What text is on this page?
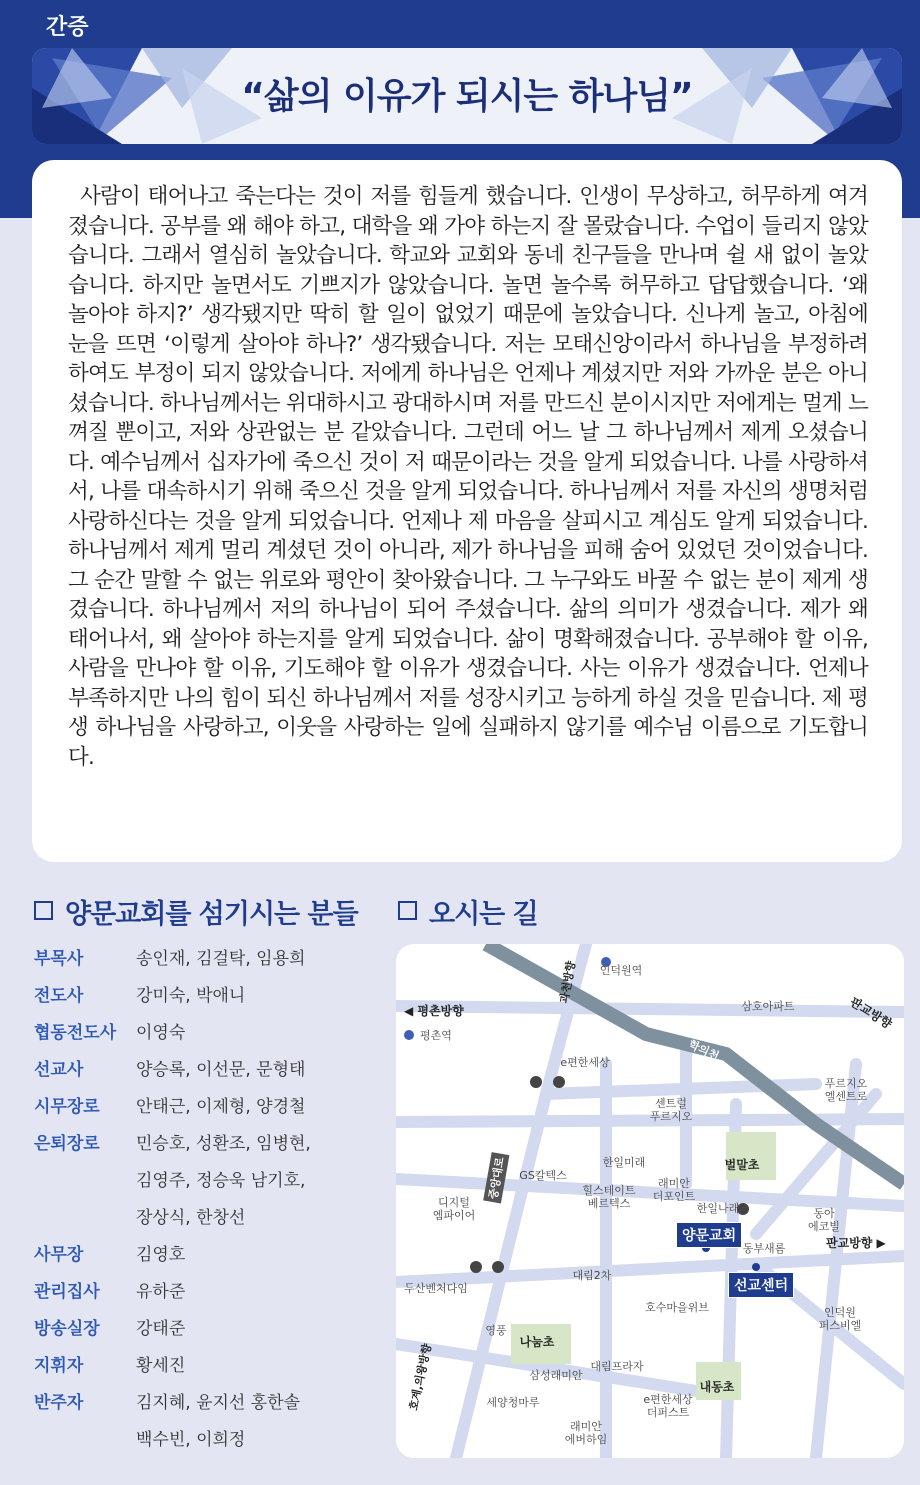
간증
“삶의 이유가 되시는 하나님”

사람이 태어나고 죽는다는 것이 저를 힘들게 했습니다. 인생이 무상하고, 허무하게 여겨졌습니다. 공부를 왜 해야 하고, 대학을 왜 가야 하는지 잘 몰랐습니다. 수업이 들리지 않았습니다. 그래서 열심히 놀았습니다. 학교와 교회와 동네 친구들을 만나며 쉴 새 없이 놀았습니다. 하지만 놀면서도 기쁘지가 않았습니다. 놀면 놀수록 허무하고 답답했습니다. ‘왜 놀아야 하지?’ 생각됐지만 딱히 할 일이 없었기 때문에 놀았습니다. 신나게 놀고, 아침에 눈을 뜨면 ‘이렇게 살아야 하나?’ 생각됐습니다. 저는 모태신앙이라서 하나님을 부정하려 하여도 부정이 되지 않았습니다. 저에게 하나님은 언제나 계셨지만 저와 가까운 분은 아니셨습니다. 하나님께서는 위대하시고 광대하시며 저를 만드신 분이시지만 저에게는 멀게 느껴질 뿐이고, 저와 상관없는 분 같았습니다. 그런데 어느 날 그 하나님께서 제게 오셨습니다. 예수님께서 십자가에 죽으신 것이 저 때문이라는 것을 알게 되었습니다. 나를 사랑하셔서, 나를 대속하시기 위해 죽으신 것을 알게 되었습니다. 하나님께서 저를 자신의 생명처럼 사랑하신다는 것을 알게 되었습니다. 언제나 제 마음을 살피시고 계심도 알게 되었습니다. 하나님께서 제게 멀리 계셨던 것이 아니라, 제가 하나님을 피해 숨어 있었던 것이었습니다. 그 순간 말할 수 없는 위로와 평안이 찾아왔습니다. 그 누구와도 바꿀 수 없는 분이 제게 생겼습니다. 하나님께서 저의 하나님이 되어 주셨습니다. 삶의 의미가 생겼습니다. 제가 왜 태어나서, 왜 살아야 하는지를 알게 되었습니다. 삶이 명확해졌습니다. 공부해야 할 이유, 사람을 만나야 할 이유, 기도해야 할 이유가 생겼습니다. 사는 이유가 생겼습니다. 언제나 부족하지만 나의 힘이 되신 하나님께서 저를 성장시키고 능하게 하실 것을 믿습니다. 제 평생 하나님을 사랑하고, 이웃을 사랑하는 일에 실패하지 않기를 예수님 이름으로 기도합니다.

양문교회를 섬기시는 분들	오시는 길
부목사	송인재, 김걸탁, 임용희
전도사	강미숙, 박애니
협동전도사 이영숙
선교사	양승록, 이선문, 문형태
시무장로 안태근, 이제형, 양경철
은퇴장로 민승호, 성환조, 임병현,
김영주, 정승욱 남기호,
장상식, 한창선
사무장	김영호
관리집사 유하준
방송실장 강태준
지휘자	황세진
반주자	김지혜, 윤지선 홍한솔
백수빈, 이희정
◀ 평촌방향
판교방향 ▶
판교방향
과천방향
호계,의왕방향
중앙대로
학의천
양문교회
선교센터
인덕원역
평촌역
삼호아파트
e편한세상
센트럴
푸르지오
푸르지오
엘센트로
한일미래
힐스테이트
베르텍스
래미안
더포인트
한일나래
벌말초
GS칼텍스
디지털
엠파이어	동아
에코빌
동부새롬
두산벤처다임
대림2차
호수마을위브	인덕원
퍼스비엘
영풍
나눔초
삼성래미안
대림프라자
e편한세상
더퍼스트
내동초
세양청마루
래미안
에버하임
